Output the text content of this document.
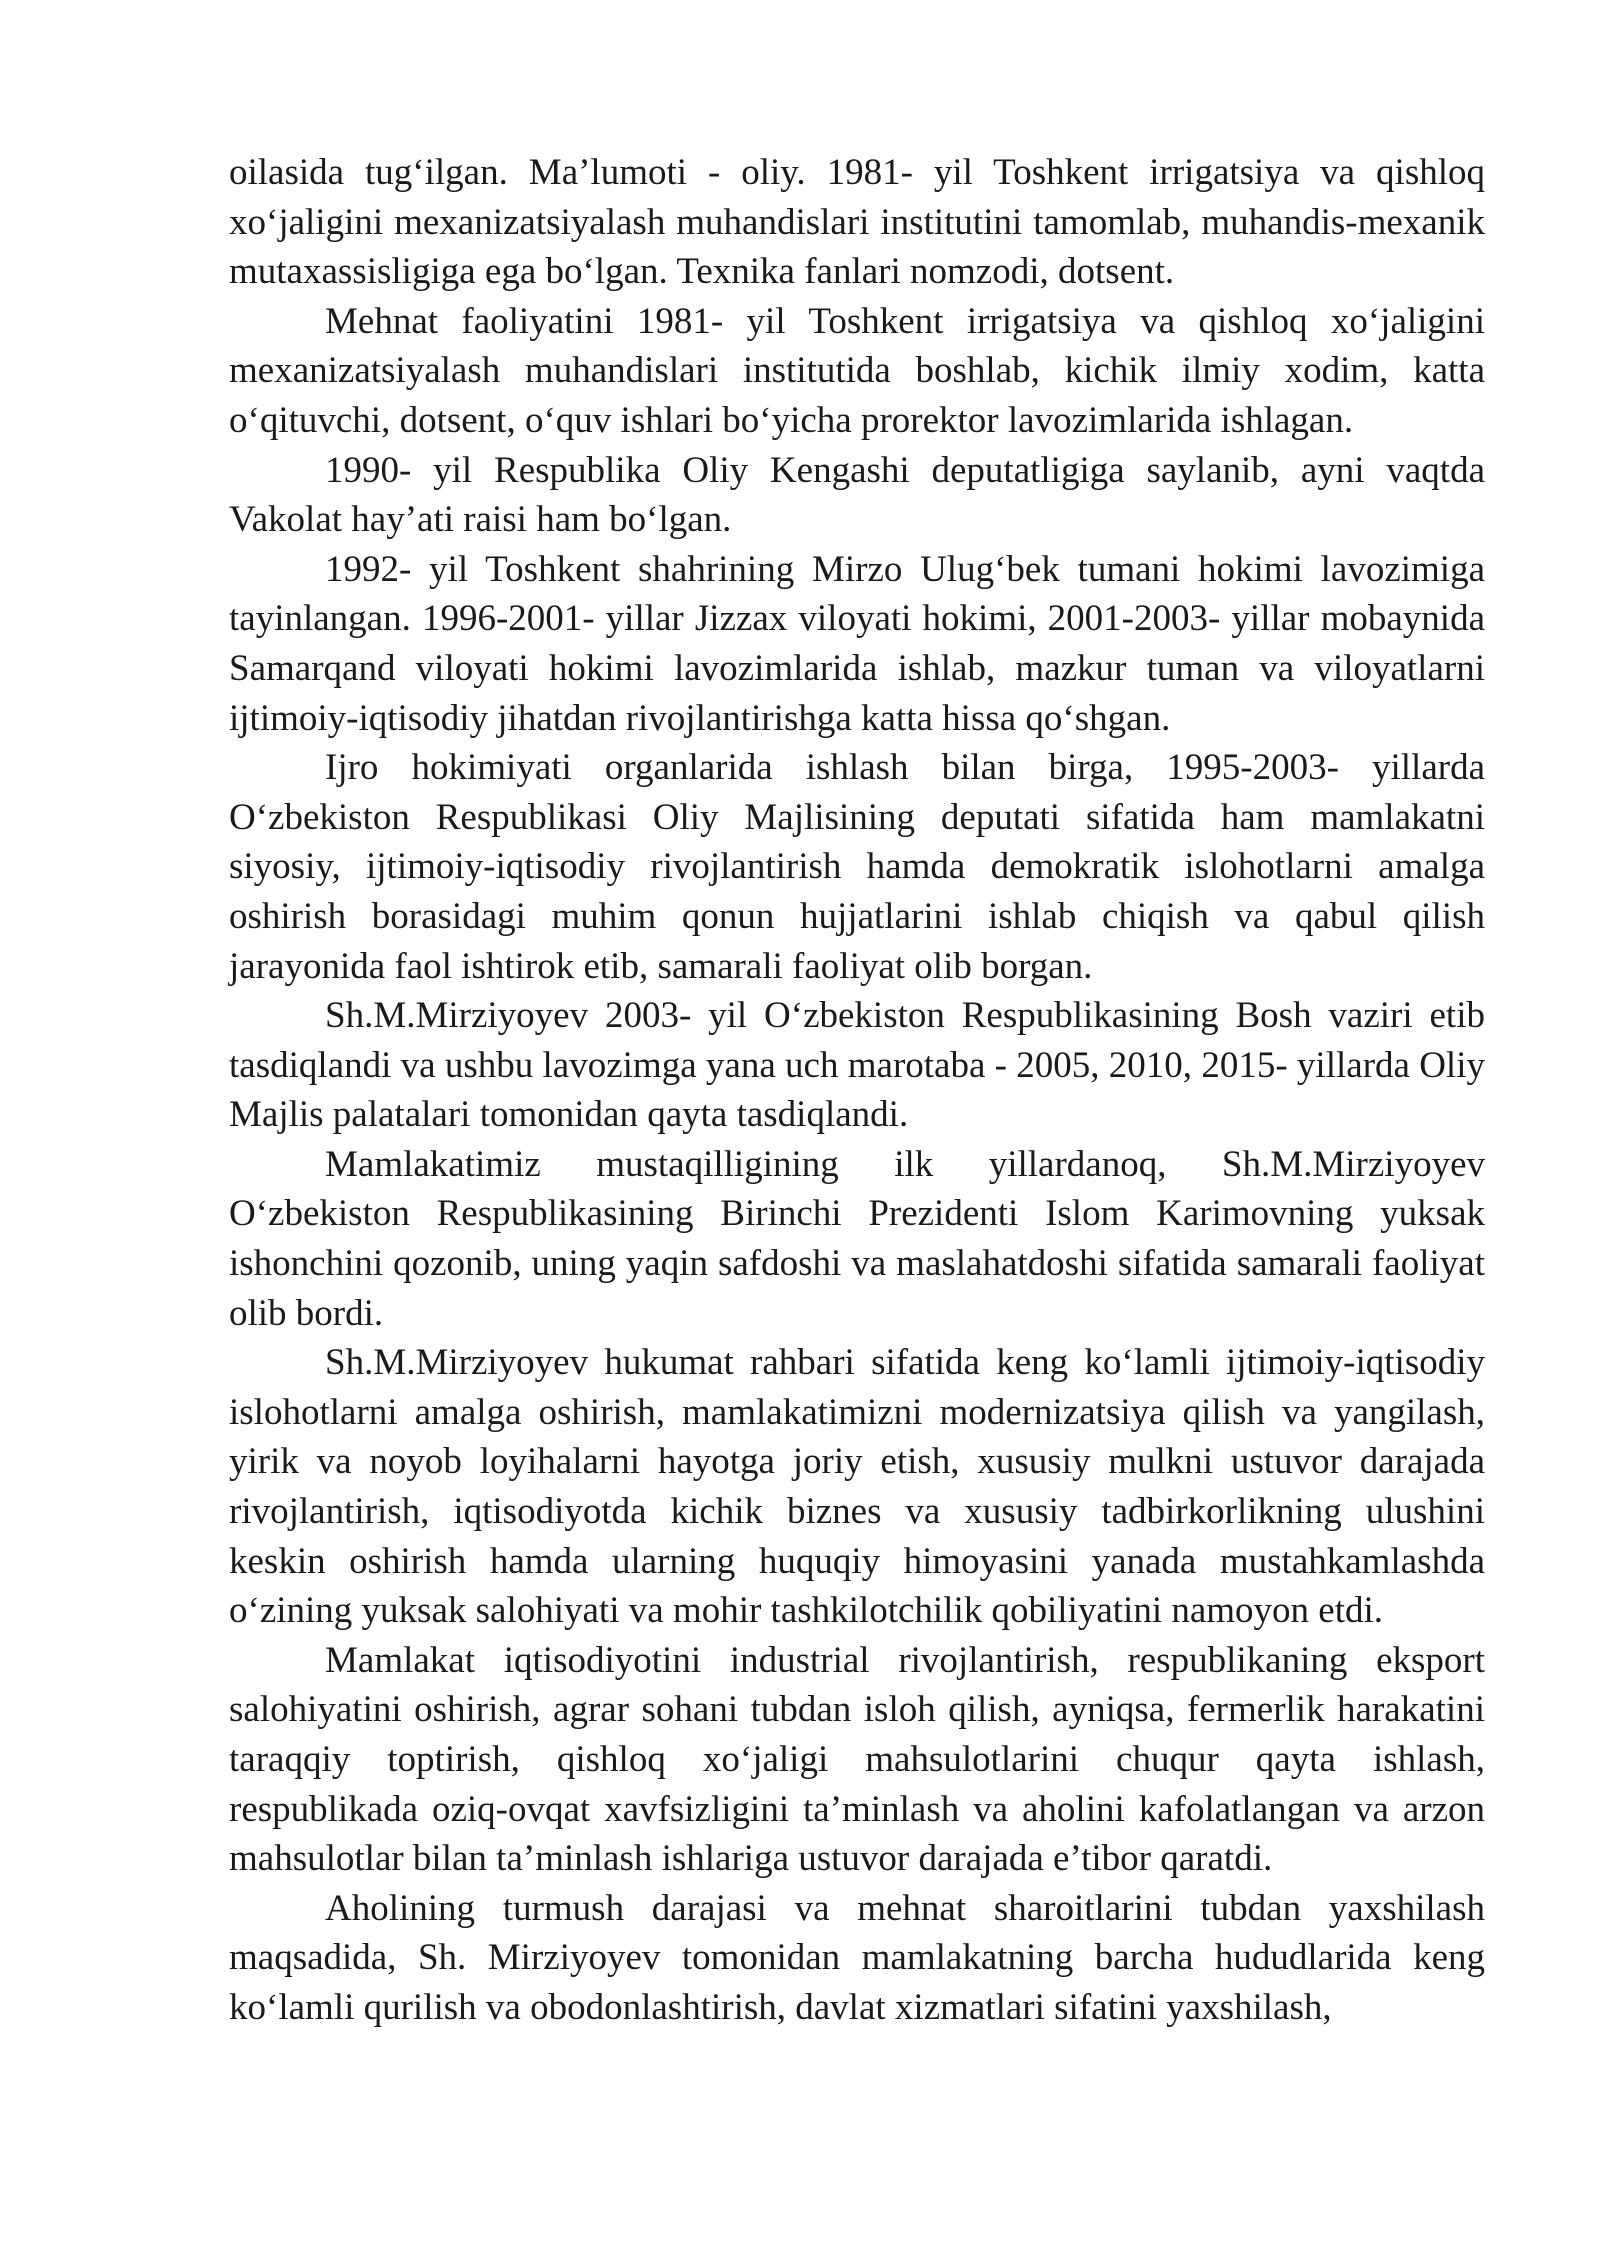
oilasida tug‘ilgan. Ma’lumoti - oliy. 1981- yil Toshkent irrigatsiya va qishloq xo‘jaligini mexanizatsiyalash muhandislari institutini tamomlab, muhandis-mexanik mutaxassisligiga ega bo‘lgan. Texnika fanlari nomzodi, dotsent.

Mehnat faoliyatini 1981- yil Toshkent irrigatsiya va qishloq xo‘jaligini mexanizatsiyalash muhandislari institutida boshlab, kichik ilmiy xodim, katta o‘qituvchi, dotsent, o‘quv ishlari bo‘yicha prorektor lavozimlarida ishlagan.

1990- yil Respublika Oliy Kengashi deputatligiga saylanib, ayni vaqtda Vakolat hay’ati raisi ham bo‘lgan.

1992- yil Toshkent shahrining Mirzo Ulug‘bek tumani hokimi lavozimiga tayinlangan. 1996-2001- yillar Jizzax viloyati hokimi, 2001-2003- yillar mobaynida Samarqand viloyati hokimi lavozimlarida ishlab, mazkur tuman va viloyatlarni ijtimoiy-iqtisodiy jihatdan rivojlantirishga katta hissa qo‘shgan.

Ijro hokimiyati organlarida ishlash bilan birga, 1995-2003- yillarda O‘zbekiston Respublikasi Oliy Majlisining deputati sifatida ham mamlakatni siyosiy, ijtimoiy-iqtisodiy rivojlantirish hamda demokratik islohotlarni amalga oshirish borasidagi muhim qonun hujjatlarini ishlab chiqish va qabul qilish jarayonida faol ishtirok etib, samarali faoliyat olib borgan.

Sh.M.Mirziyoyev 2003- yil O‘zbekiston Respublikasining Bosh vaziri etib tasdiqlandi va ushbu lavozimga yana uch marotaba - 2005, 2010, 2015- yillarda Oliy Majlis palatalari tomonidan qayta tasdiqlandi.

Mamlakatimiz mustaqilligining ilk yillardanoq, Sh.M.Mirziyoyev O‘zbekiston Respublikasining Birinchi Prezidenti Islom Karimovning yuksak ishonchini qozonib, uning yaqin safdoshi va maslahatdoshi sifatida samarali faoliyat olib bordi.

Sh.M.Mirziyoyev hukumat rahbari sifatida keng ko‘lamli ijtimoiy-iqtisodiy islohotlarni amalga oshirish, mamlakatimizni modernizatsiya qilish va yangilash, yirik va noyob loyihalarni hayotga joriy etish, xususiy mulkni ustuvor darajada rivojlantirish, iqtisodiyotda kichik biznes va xususiy tadbirkorlikning ulushini keskin oshirish hamda ularning huquqiy himoyasini yanada mustahkamlashda o‘zining yuksak salohiyati va mohir tashkilotchilik qobiliyatini namoyon etdi.

Mamlakat iqtisodiyotini industrial rivojlantirish, respublikaning eksport salohiyatini oshirish, agrar sohani tubdan isloh qilish, ayniqsa, fermerlik harakatini taraqqiy toptirish, qishloq xo‘jaligi mahsulotlarini chuqur qayta ishlash, respublikada oziq-ovqat xavfsizligini ta’minlash va aholini kafolatlangan va arzon mahsulotlar bilan ta’minlash ishlariga ustuvor darajada e’tibor qaratdi.

Aholining turmush darajasi va mehnat sharoitlarini tubdan yaxshilash maqsadida, Sh. Mirziyoyev tomonidan mamlakatning barcha hududlarida keng ko‘lamli qurilish va obodonlashtirish, davlat xizmatlari sifatini yaxshilash,
